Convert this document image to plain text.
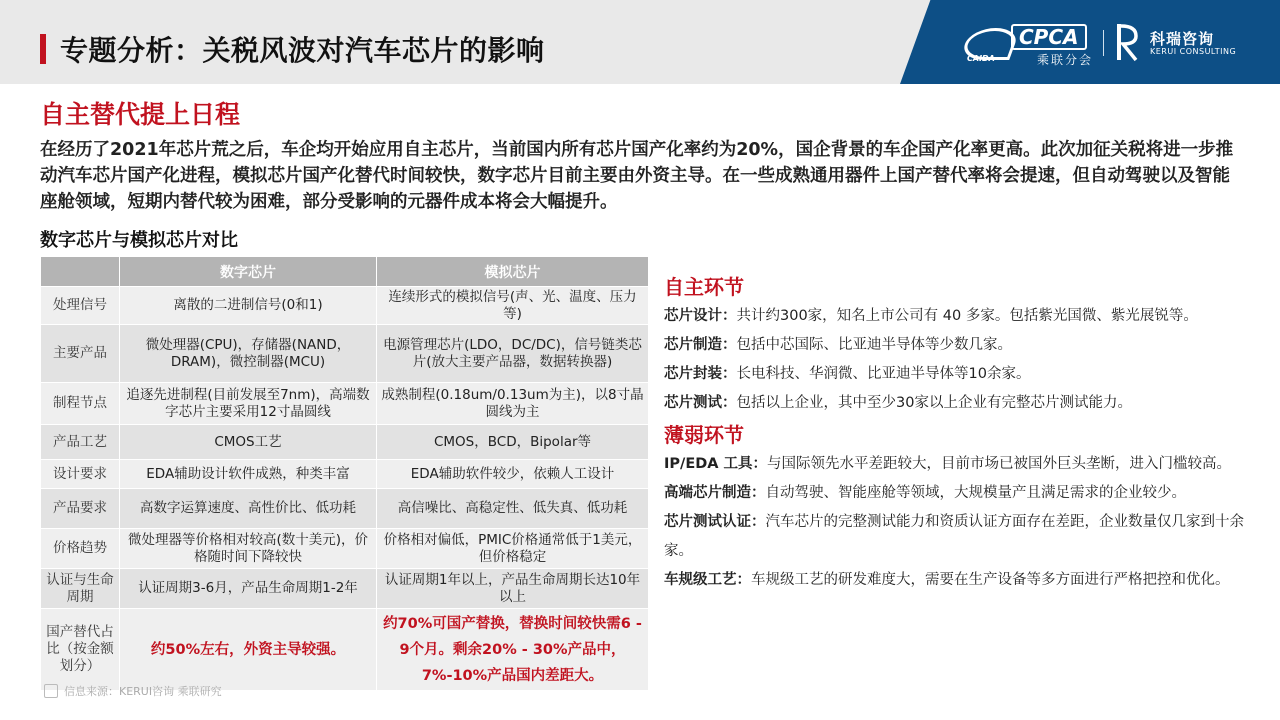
专题分析：关税风波对汽车芯片的影响	CPCA
乘联分会
CAIDA
科瑞咨询
KERUI CONSULTING
自主替代提上日程
在经历了2021年芯片荒之后，车企均开始应用自主芯片，当前国内所有芯片国产化率约为20%，国企背景的车企国产化率更高。此次加征关税将进一步推动汽车芯片国产化进程，模拟芯片国产化替代时间较快，数字芯片目前主要由外资主导。在一些成熟通用器件上国产替代率将会提速，但自动驾驶以及智能座舱领域，短期内替代较为困难，部分受影响的元器件成本将会大幅提升。
数字芯片与模拟芯片对比
	数字芯片	模拟芯片
处理信号	离散的二进制信号(0和1)	连续形式的模拟信号(声、光、温度、压力等)
主要产品	微处理器(CPU)，存储器(NAND，DRAM)，微控制器(MCU)	电源管理芯片(LDO，DC/DC)，信号链类芯片(放大主要产品器，数据转换器)
制程节点	追逐先进制程(目前发展至7nm)，高端数字芯片主要采用12寸晶圆线	成熟制程(0.18um/0.13um为主)，以8寸晶圆线为主
产品工艺	CMOS工艺	CMOS，BCD，Bipolar等
设计要求	EDA辅助设计软件成熟，种类丰富	EDA辅助软件较少，依赖人工设计
产品要求	高数字运算速度、高性价比、低功耗	高信噪比、高稳定性、低失真、低功耗
价格趋势	微处理器等价格相对较高(数十美元)，价格随时间下降较快	价格相对偏低，PMIC价格通常低于1美元，但价格稳定
认证与生命周期	认证周期3-6月，产品生命周期1-2年	认证周期1年以上，产品生命周期长达10年以上
国产替代占比（按金额划分）	约50%左右，外资主导较强。	约70%可国产替换，替换时间较快需6 - 9个月。剩余20% - 30%产品中，7%-10%产品国内差距大。
信息来源：KERUI咨询 乘联研究
自主环节
芯片设计：共计约300家，知名上市公司有 40 多家。包括紫光国微、紫光展锐等。
芯片制造：包括中芯国际、比亚迪半导体等少数几家。
芯片封装：长电科技、华润微、比亚迪半导体等10余家。
芯片测试：包括以上企业，其中至少30家以上企业有完整芯片测试能力。
薄弱环节
IP/EDA 工具：与国际领先水平差距较大，目前市场已被国外巨头垄断，进入门槛较高。
高端芯片制造：自动驾驶、智能座舱等领域，大规模量产且满足需求的企业较少。
芯片测试认证：汽车芯片的完整测试能力和资质认证方面存在差距，企业数量仅几家到十余家。
车规级工艺：车规级工艺的研发难度大，需要在生产设备等多方面进行严格把控和优化。
